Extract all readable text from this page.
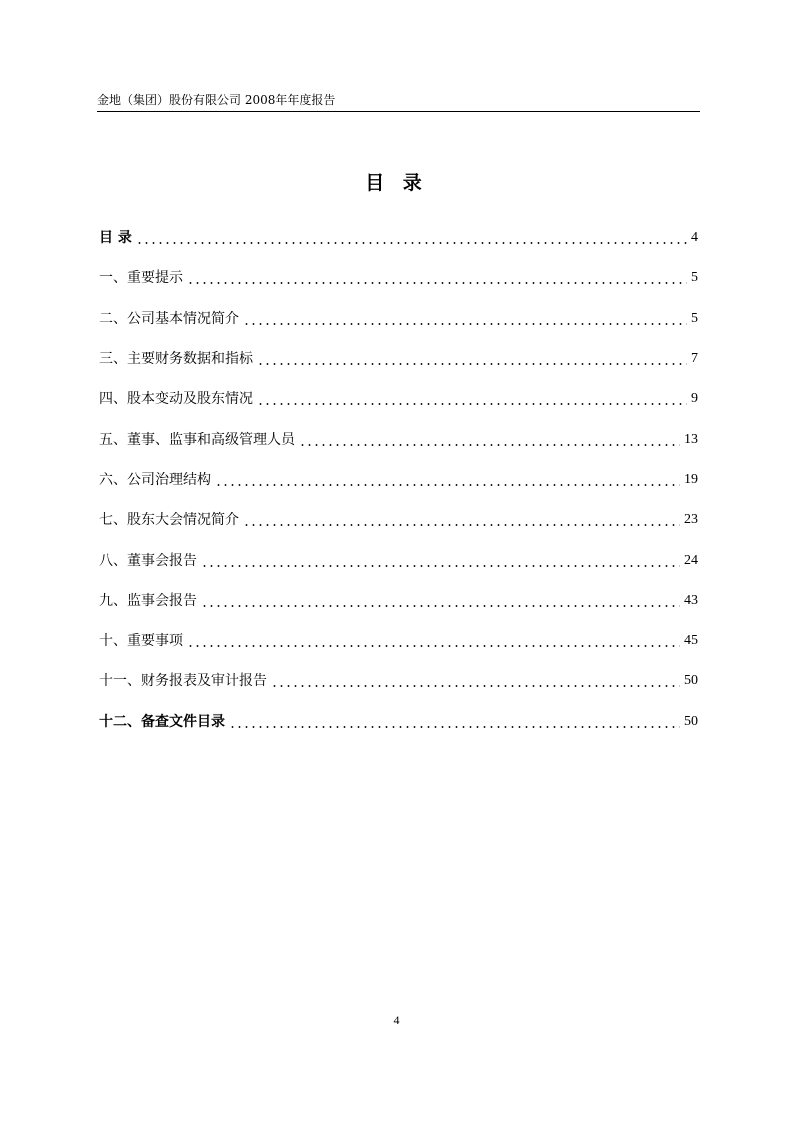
金地（集团）股份有限公司 2008年年度报告
目 录
目 录	4
一、重要提示	5
二、公司基本情况简介	5
三、主要财务数据和指标	7
四、股本变动及股东情况	9
五、董事、监事和高级管理人员	13
六、公司治理结构	19
七、股东大会情况简介	23
八、董事会报告	24
九、监事会报告	43
十、重要事项	45
十一、财务报表及审计报告	50
十二、备查文件目录	50
4
